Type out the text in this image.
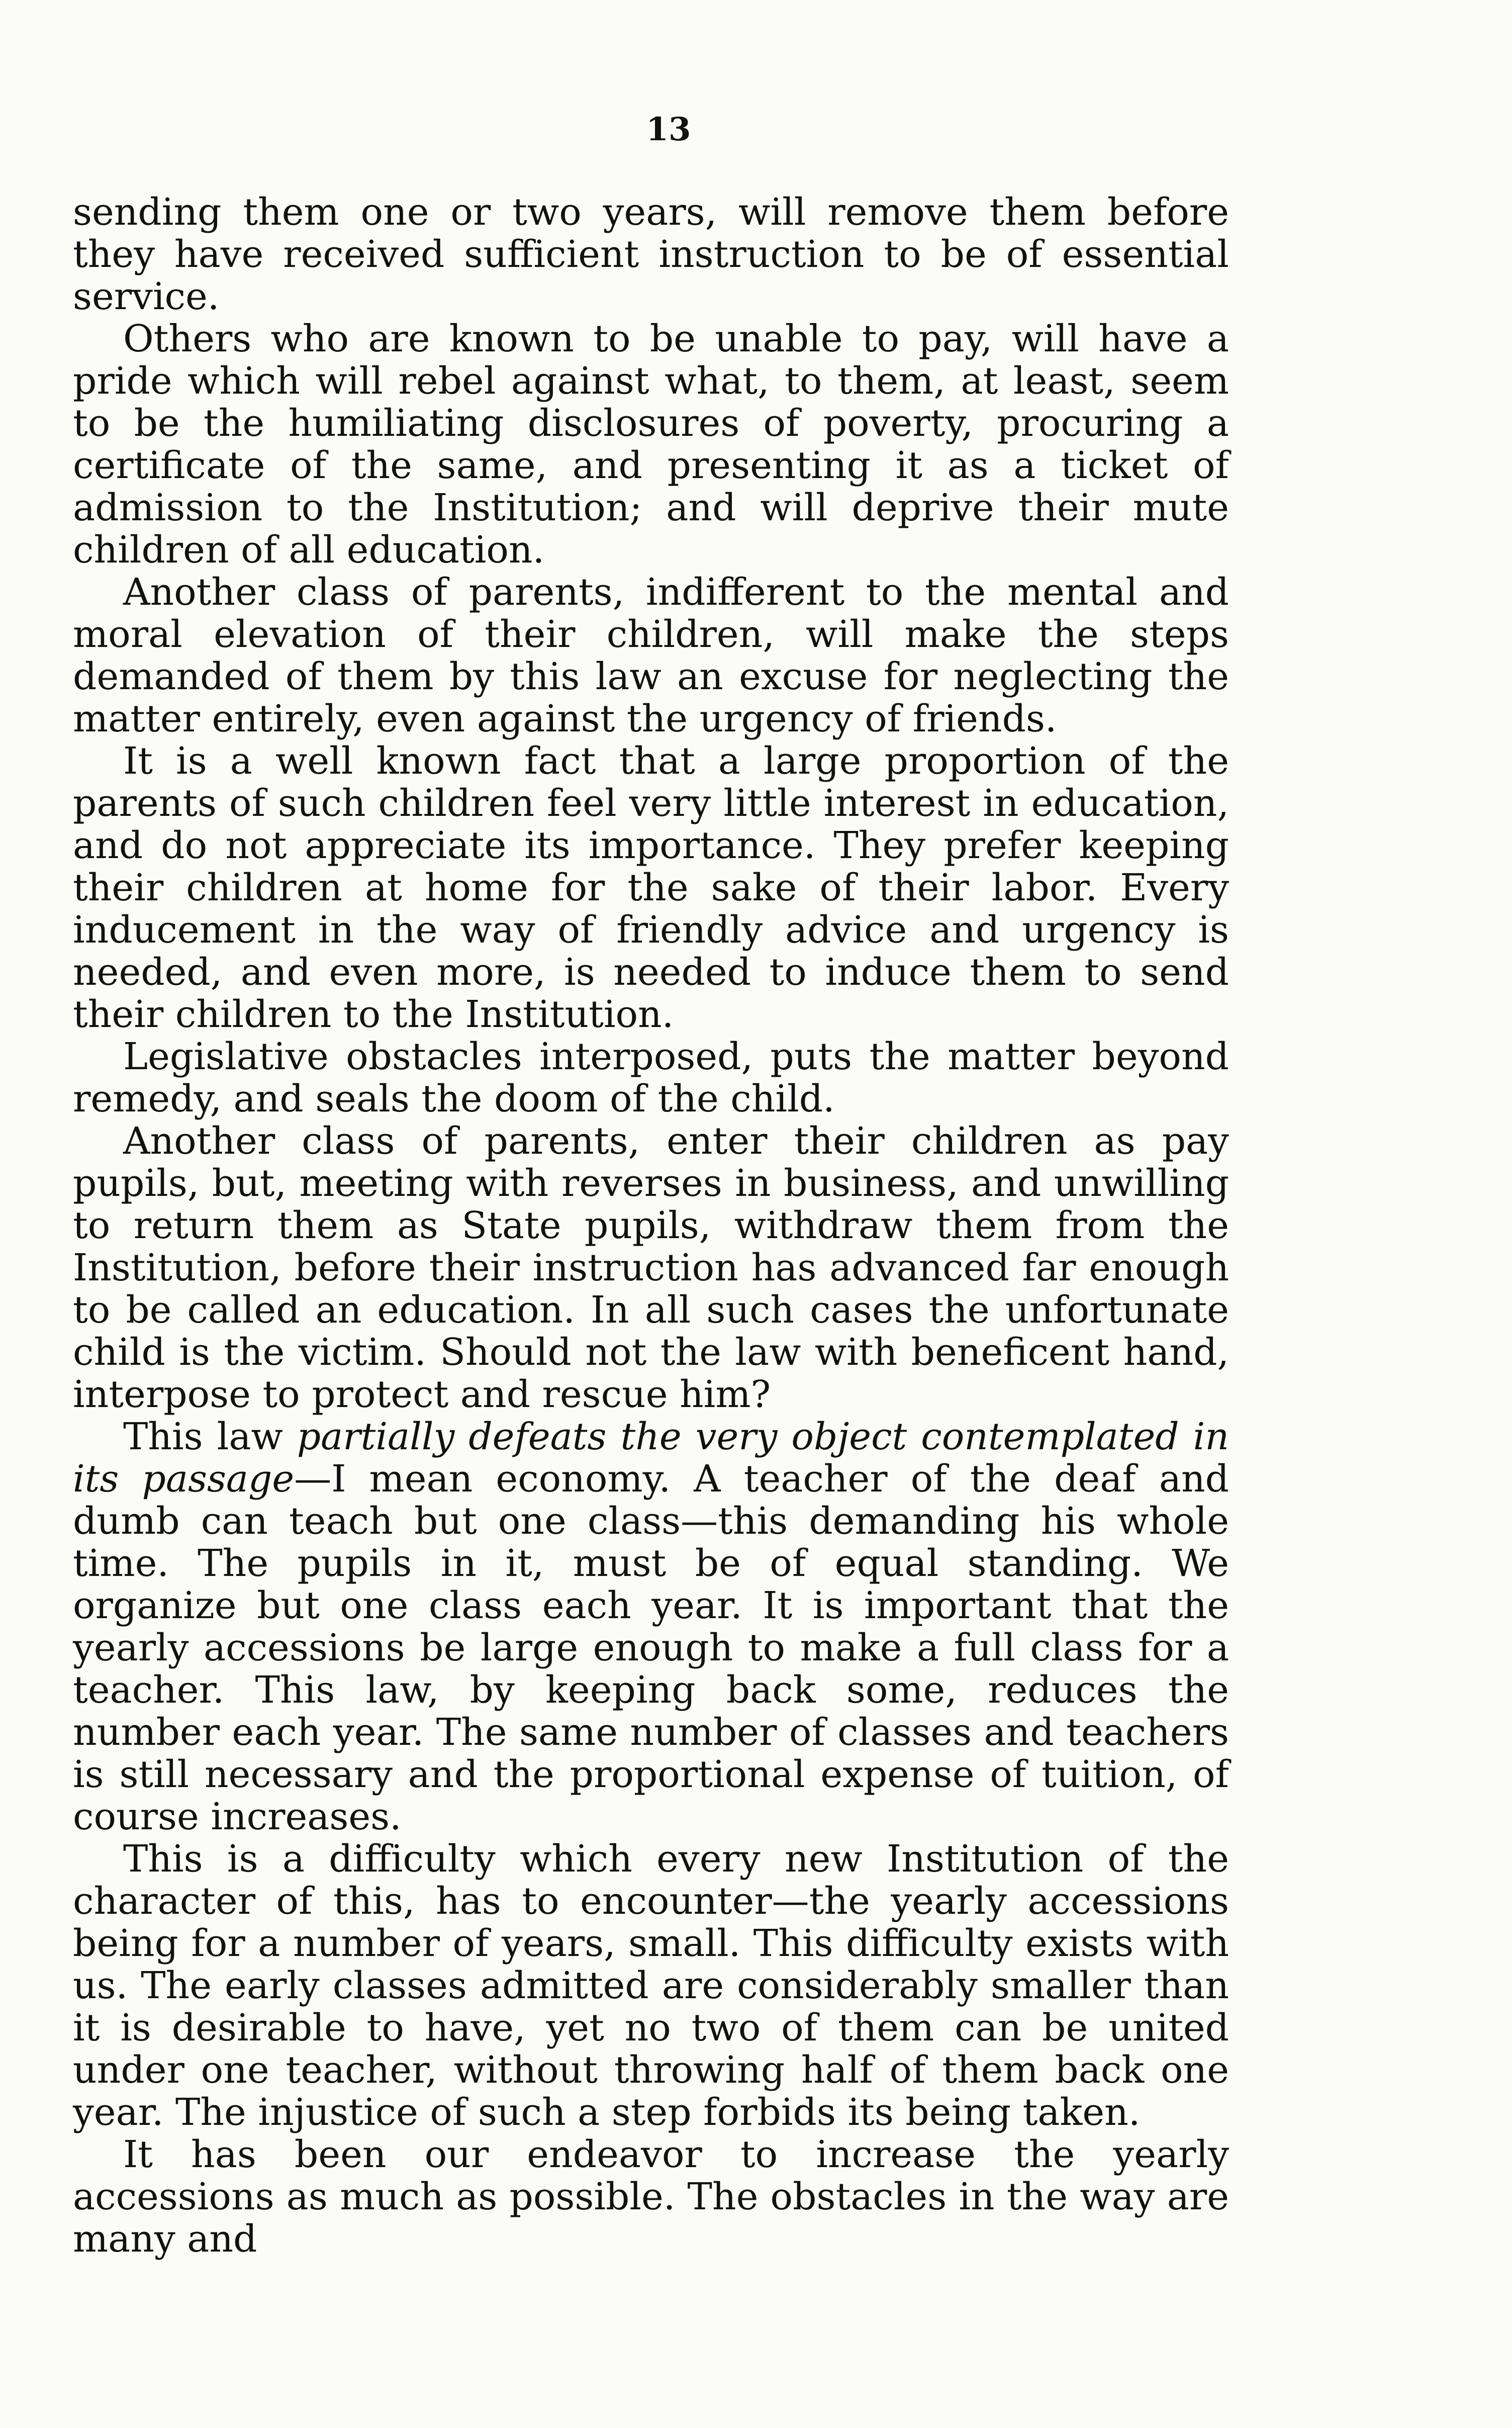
13

sending them one or two years, will remove them before they have received sufficient instruction to be of essential service.

Others who are known to be unable to pay, will have a pride which will rebel against what, to them, at least, seem to be the humiliating disclosures of poverty, procuring a certificate of the same, and presenting it as a ticket of admission to the Institution; and will deprive their mute children of all education.

Another class of parents, indifferent to the mental and moral elevation of their children, will make the steps demanded of them by this law an excuse for neglecting the matter entirely, even against the urgency of friends.

It is a well known fact that a large proportion of the parents of such children feel very little interest in education, and do not appreciate its importance. They prefer keeping their children at home for the sake of their labor. Every inducement in the way of friendly advice and urgency is needed, and even more, is needed to induce them to send their children to the Institution.

Legislative obstacles interposed, puts the matter beyond remedy, and seals the doom of the child.

Another class of parents, enter their children as pay pupils, but, meeting with reverses in business, and unwilling to return them as State pupils, withdraw them from the Institution, before their instruction has advanced far enough to be called an education. In all such cases the unfortunate child is the victim. Should not the law with beneficent hand, interpose to protect and rescue him?

This law partially defeats the very object contemplated in its passage—I mean economy. A teacher of the deaf and dumb can teach but one class—this demanding his whole time. The pupils in it, must be of equal standing. We organize but one class each year. It is important that the yearly accessions be large enough to make a full class for a teacher. This law, by keeping back some, reduces the number each year. The same number of classes and teachers is still necessary and the proportional expense of tuition, of course increases.

This is a difficulty which every new Institution of the character of this, has to encounter—the yearly accessions being for a number of years, small. This difficulty exists with us. The early classes admitted are considerably smaller than it is desirable to have, yet no two of them can be united under one teacher, without throwing half of them back one year. The injustice of such a step forbids its being taken.

It has been our endeavor to increase the yearly accessions as much as possible. The obstacles in the way are many and
